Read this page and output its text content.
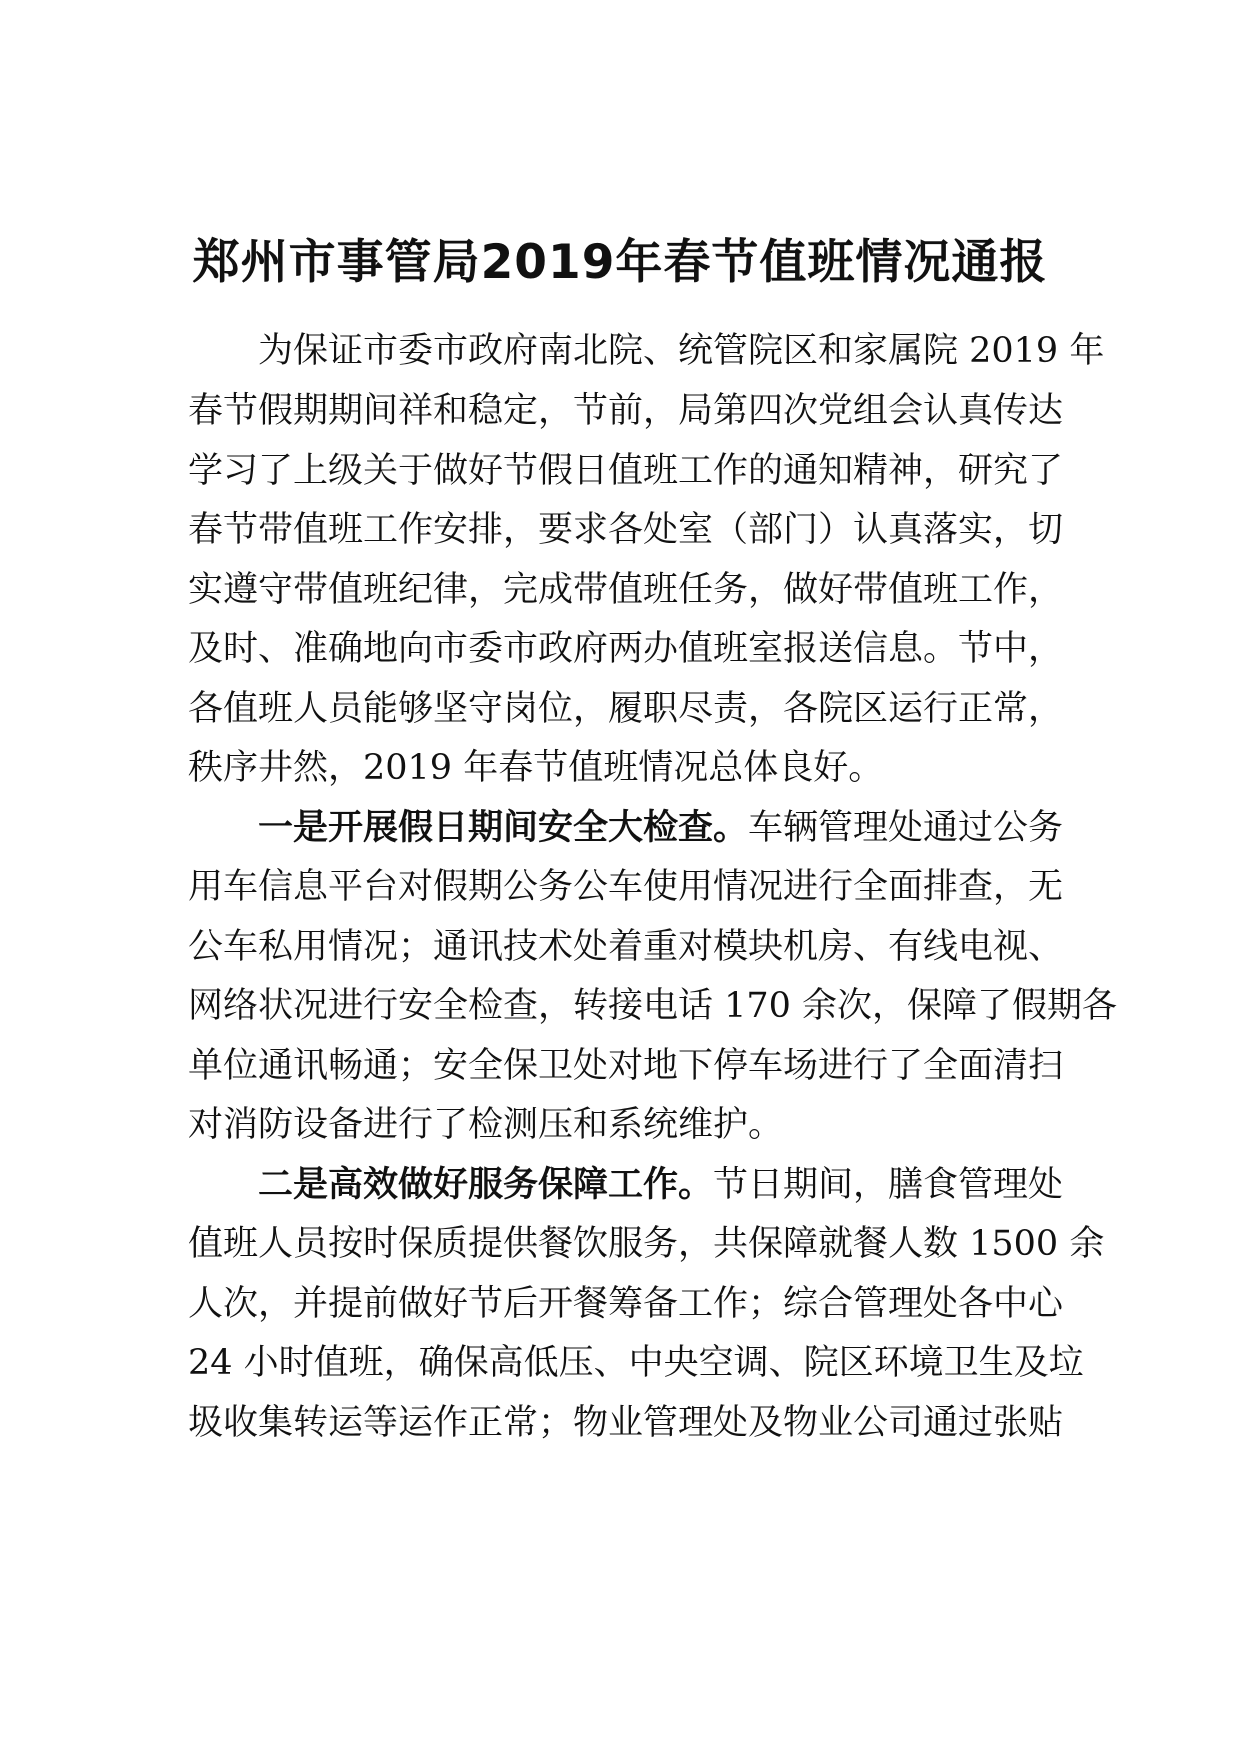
郑州市事管局2019年春节值班情况通报
为保证市委市政府南北院、统管院区和家属院 2019 年
春节假期期间祥和稳定，节前，局第四次党组会认真传达
学习了上级关于做好节假日值班工作的通知精神，研究了
春节带值班工作安排，要求各处室（部门）认真落实，切
实遵守带值班纪律，完成带值班任务，做好带值班工作，
及时、准确地向市委市政府两办值班室报送信息。节中，
各值班人员能够坚守岗位，履职尽责，各院区运行正常，
秩序井然，2019 年春节值班情况总体良好。
一是开展假日期间安全大检查。车辆管理处通过公务
用车信息平台对假期公务公车使用情况进行全面排查，无
公车私用情况；通讯技术处着重对模块机房、有线电视、
网络状况进行安全检查，转接电话 170 余次，保障了假期各
单位通讯畅通；安全保卫处对地下停车场进行了全面清扫
对消防设备进行了检测压和系统维护。
二是高效做好服务保障工作。节日期间，膳食管理处
值班人员按时保质提供餐饮服务，共保障就餐人数 1500 余
人次，并提前做好节后开餐筹备工作；综合管理处各中心
24 小时值班，确保高低压、中央空调、院区环境卫生及垃
圾收集转运等运作正常；物业管理处及物业公司通过张贴
